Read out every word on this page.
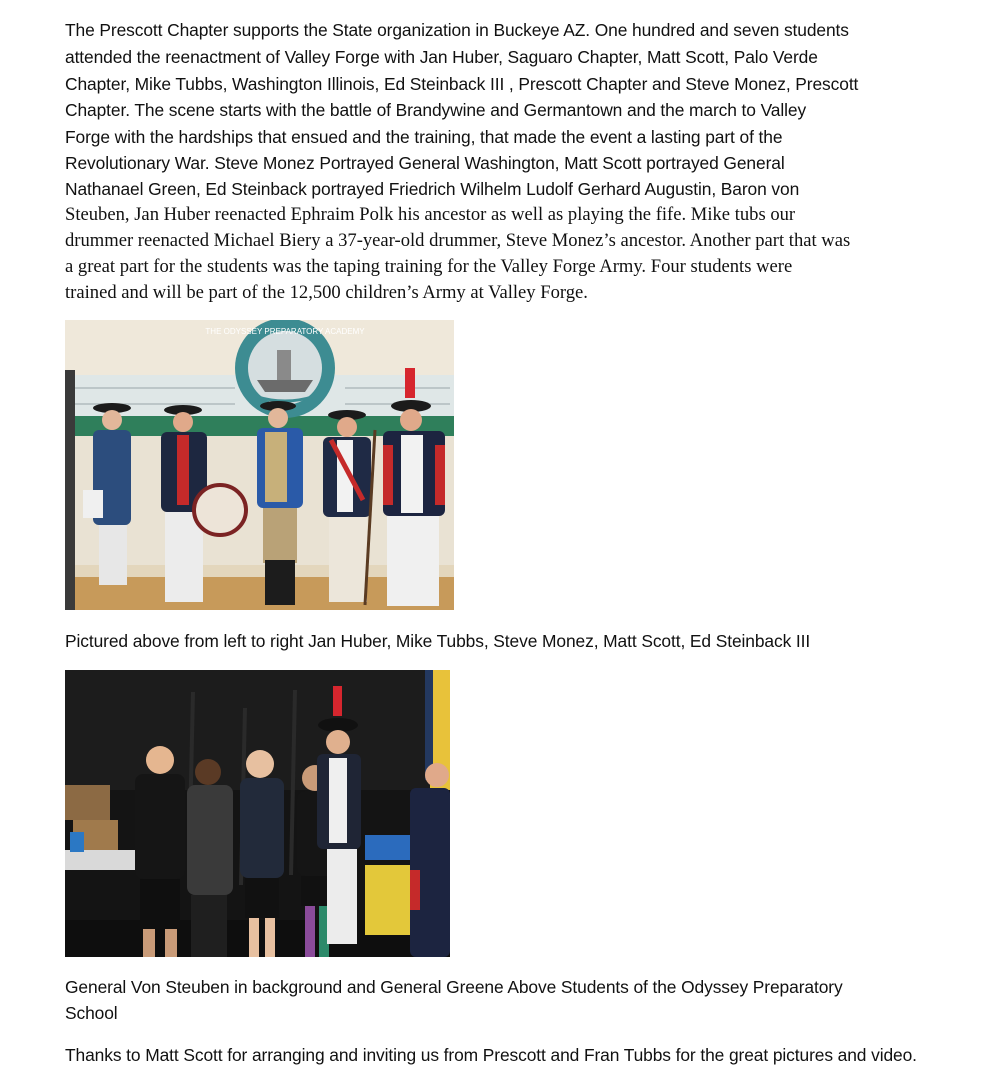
The Prescott Chapter supports the State organization in Buckeye AZ. One hundred and seven students

attended the reenactment of Valley Forge with Jan Huber, Saguaro Chapter, Matt Scott, Palo Verde

Chapter, Mike Tubbs, Washington Illinois, Ed Steinback III , Prescott Chapter and Steve Monez, Prescott

Chapter. The scene starts with the battle of Brandywine and Germantown and the march to Valley

Forge with the hardships that ensued and the training, that made the event a lasting part of the

Revolutionary War. Steve Monez Portrayed General Washington, Matt Scott portrayed General

Nathanael Green, Ed Steinback portrayed Friedrich Wilhelm Ludolf Gerhard Augustin, Baron von

Steuben, Jan Huber reenacted Ephraim Polk his ancestor as well as playing the fife. Mike tubs our

drummer reenacted Michael Biery a 37-year-old drummer, Steve Monez’s ancestor. Another part that was

a great part for the students was the taping training for the Valley Forge Army. Four students were

trained and will be part of the 12,500 children’s Army at Valley Forge.

THE ODYSSEY PREPARATORY ACADEMY

Pictured above from left to right Jan Huber, Mike Tubbs, Steve Monez, Matt Scott, Ed Steinback III

General Von Steuben in background and General Greene Above Students of the Odyssey Preparatory

School

Thanks to Matt Scott for arranging and inviting us from Prescott and Fran Tubbs for the great pictures and video.
